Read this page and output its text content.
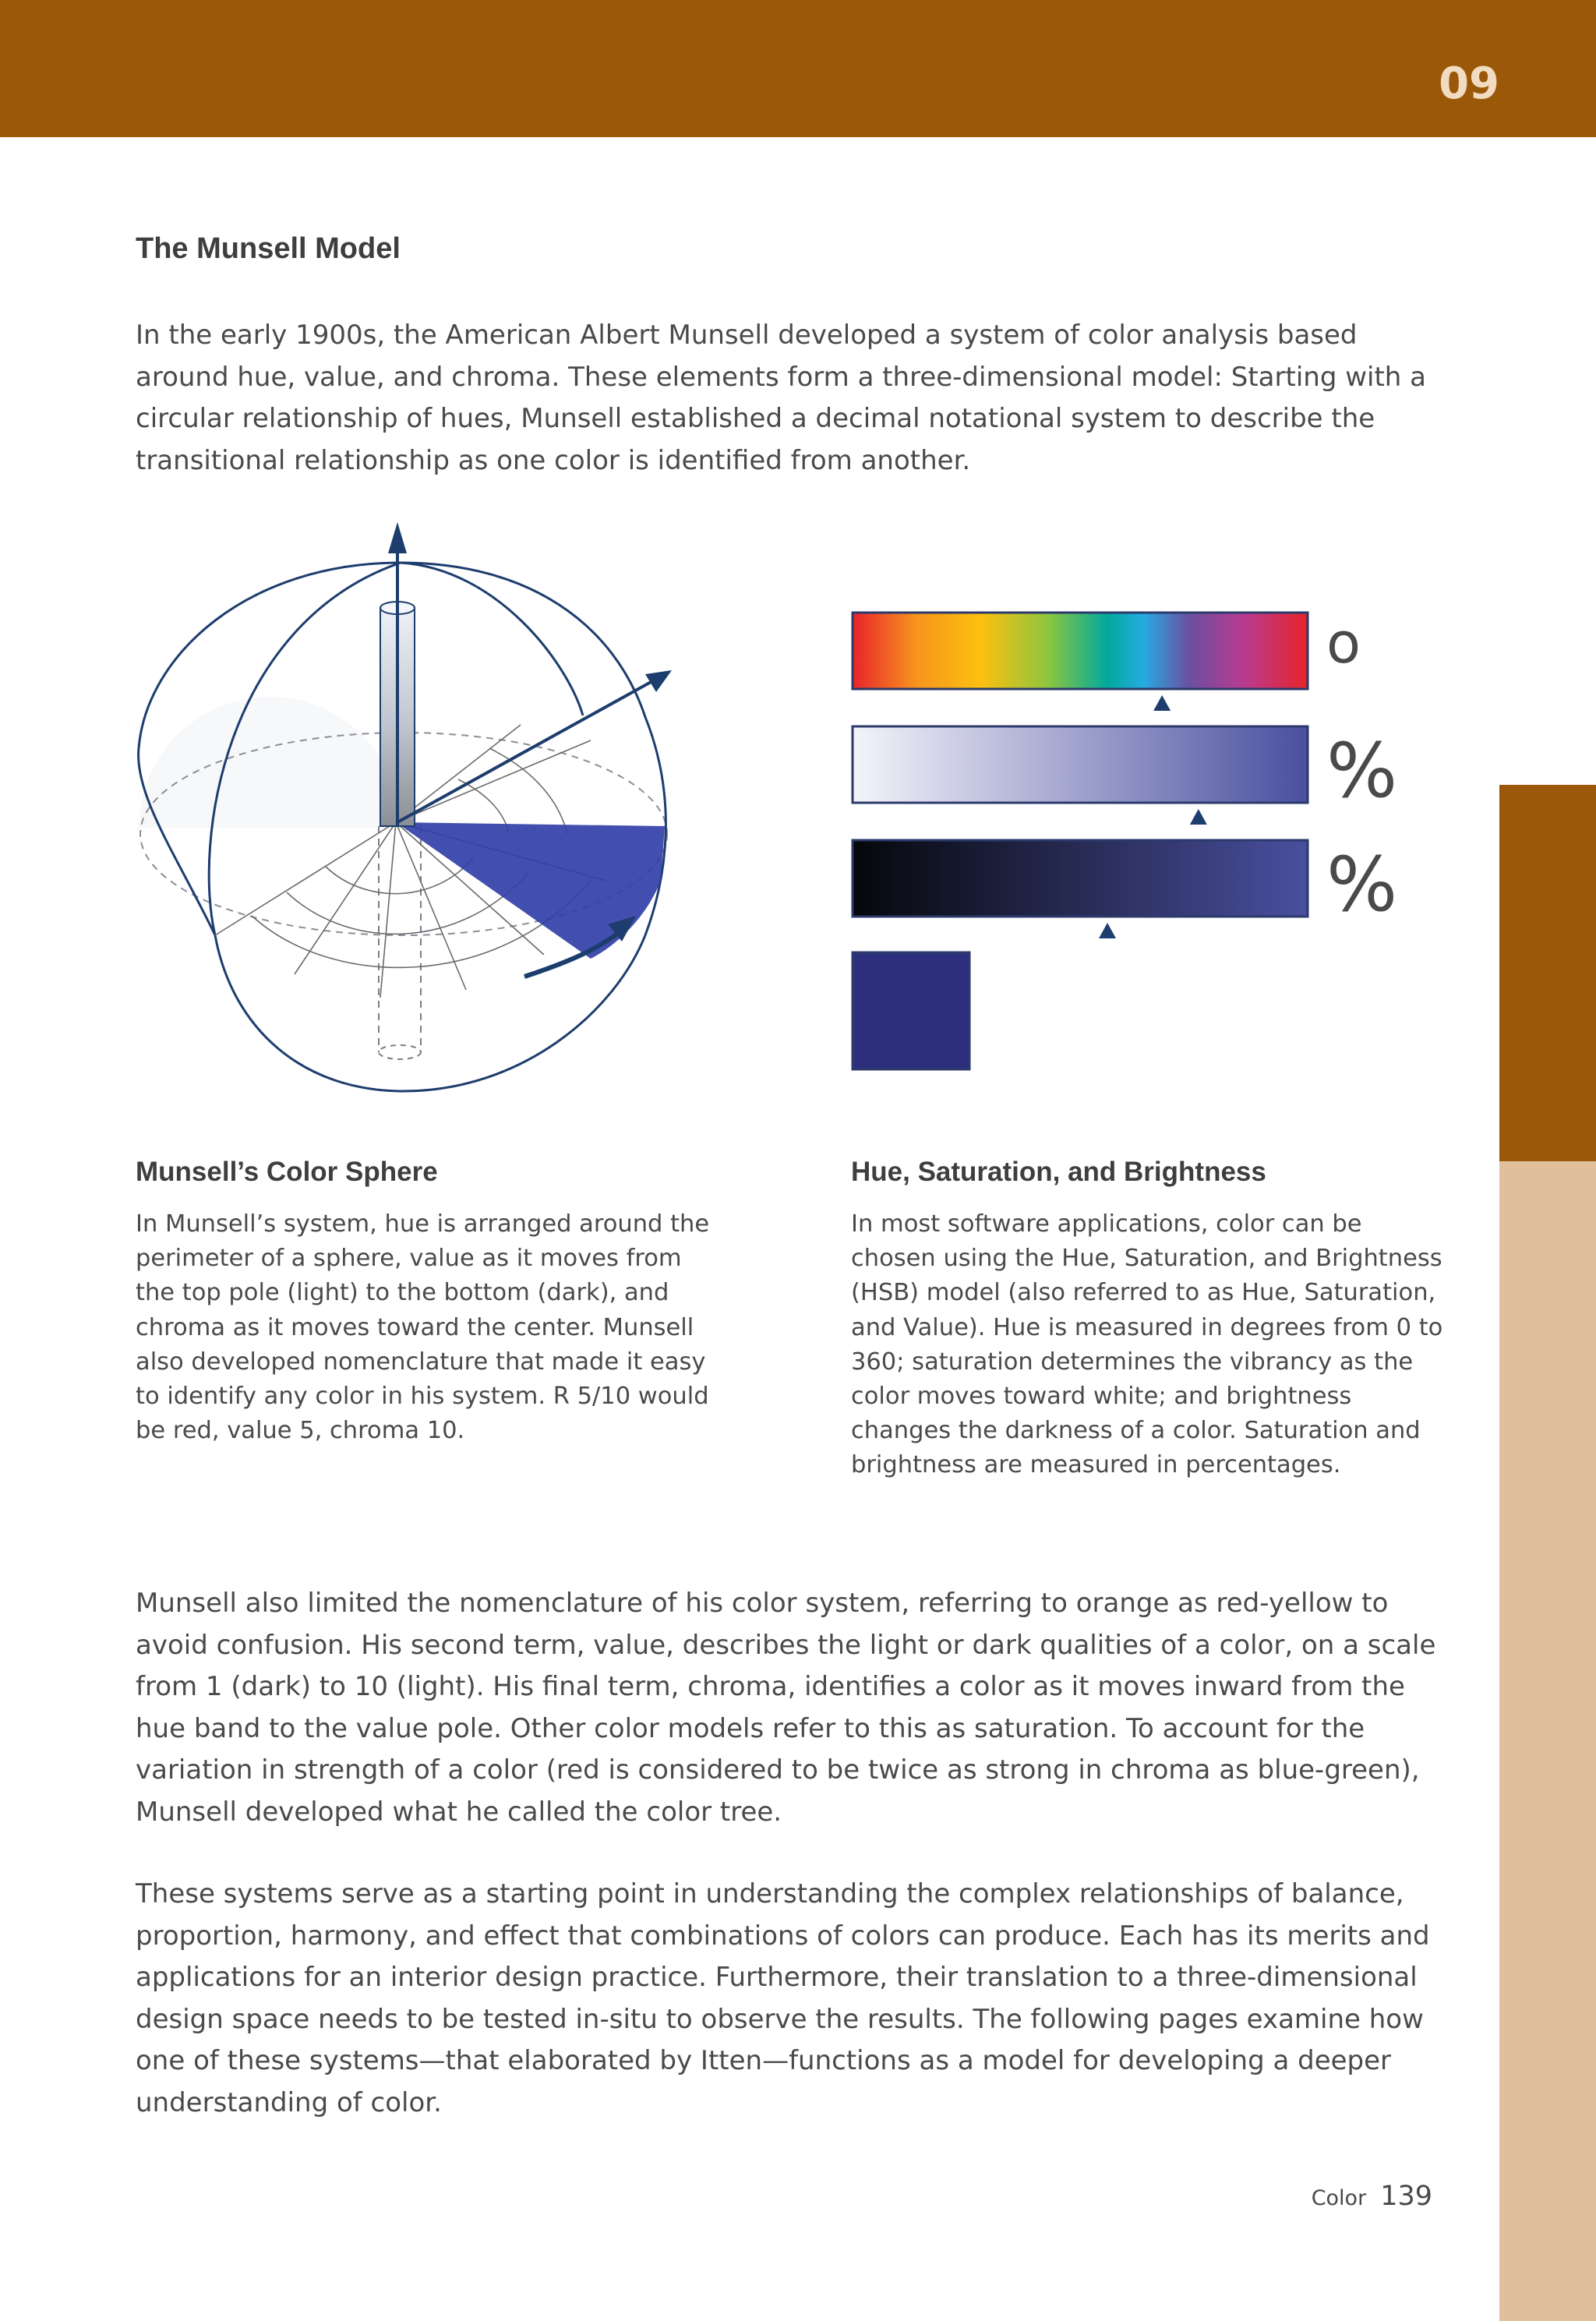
09
The Munsell Model

In the early 1900s, the American Albert Munsell developed a system of color analysis based around hue, value, and chroma. These elements form a three-dimensional model: Starting with a circular relationship of hues, Munsell established a decimal notational system to describe the transitional relationship as one color is identified from another.

o
%
%
Munsell’s Color Sphere

In Munsell’s system, hue is arranged around the perimeter of a sphere, value as it moves from the top pole (light) to the bottom (dark), and chroma as it moves toward the center. Munsell also developed nomenclature that made it easy to identify any color in his system. R 5/10 would be red, value 5, chroma 10.

Hue, Saturation, and Brightness

In most software applications, color can be chosen using the Hue, Saturation, and Brightness (HSB) model (also referred to as Hue, Saturation, and Value). Hue is measured in degrees from 0 to 360; saturation determines the vibrancy as the color moves toward white; and brightness changes the darkness of a color. Saturation and brightness are measured in percentages.

Munsell also limited the nomenclature of his color system, referring to orange as red-yellow to avoid confusion. His second term, value, describes the light or dark qualities of a color, on a scale from 1 (dark) to 10 (light). His final term, chroma, identifies a color as it moves inward from the hue band to the value pole. Other color models refer to this as saturation. To account for the variation in strength of a color (red is considered to be twice as strong in chroma as blue-green), Munsell developed what he called the color tree.

These systems serve as a starting point in understanding the complex relationships of balance, proportion, harmony, and effect that combinations of colors can produce. Each has its merits and applications for an interior design practice. Furthermore, their translation to a three-dimensional design space needs to be tested in-situ to observe the results. The following pages examine how one of these systems—that elaborated by Itten—functions as a model for developing a deeper understanding of color.

Color 139
